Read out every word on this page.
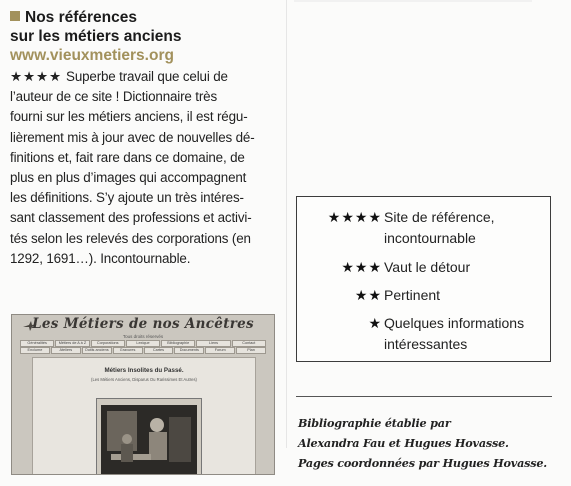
Nos références
sur les métiers anciens
www.vieuxmetiers.org
★★★★ Superbe travail que celui de
l’auteur de ce site ! Dictionnaire très
fourni sur les métiers anciens, il est régu-
lièrement mis à jour avec de nouvelles dé-
finitions et, fait rare dans ce domaine, de
plus en plus d’images qui accompagnent
les définitions. S’y ajoute un très intéres-
sant classement des professions et activi-
tés selon les relevés des corporations (en
1292, 1691…). Incontournable.
Les Métiers de nos Ancêtres
Tous droits réservés
Généralités	Métiers de A à Z	Corporations	Lexique	Bibliographie	Liens	Contact
Enclume	Ateliers	Outils anciens	Gravures	Cartes	Documents	Forum	Plan
Métiers Insolites du Passé.
(Les Métiers Anciens, Disparus Ou Rarissimes Et Autres)
★★★★ Site de référence,
incontournable
★★★ Vaut le détour
★★ Pertinent
★ Quelques informations
intéressantes
Bibliographie établie par
Alexandra Fau et Hugues Hovasse.
Pages coordonnées par Hugues Hovasse.
